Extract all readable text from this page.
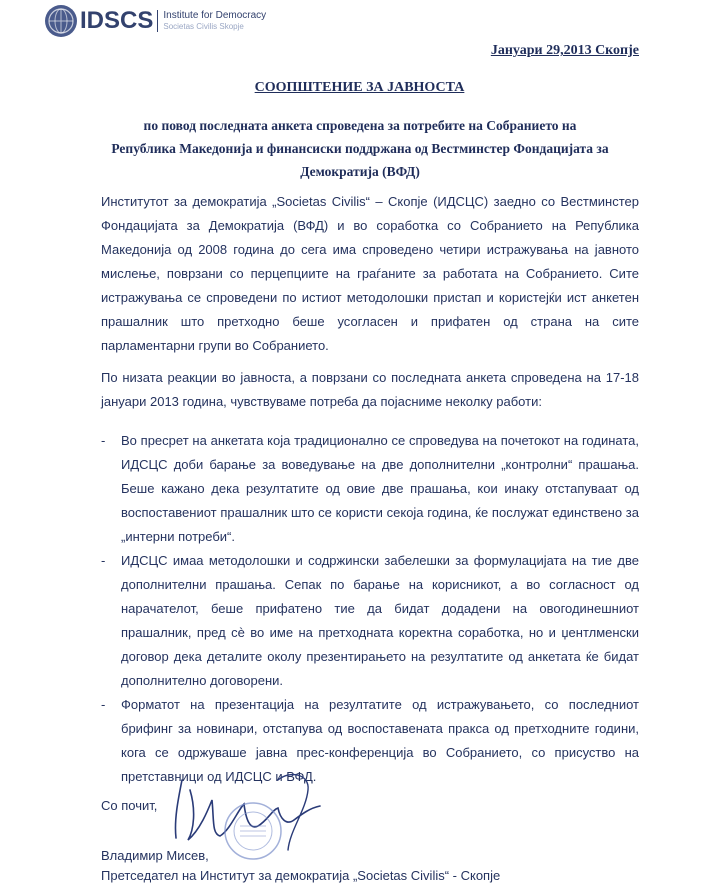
IDSCS Institute for Democracy
Societas Civilis Skopje
Јануари 29,2013 Скопје
СООПШТЕНИЕ ЗА ЈАВНОСТА
по повод последната анкета спроведена за потребите на Собранието на Република Македонија и финансиски поддржана од Вестминстер Фондацијата за Демократија (ВФД)

Институтот за демократија „Societas Civilis“ – Скопје (ИДСЦС) заедно со Вестминстер Фондацијата за Демократија (ВФД) и во соработка со Собранието на Република Македонија од 2008 година до сега има спроведено четири истражувања на јавното мислење, поврзани со перцепциите на граѓаните за работата на Собранието. Сите истражувања се спроведени по истиот методолошки пристап и користејќи ист анкетен прашалник што претходно беше усогласен и прифатен од страна на сите парламентарни групи во Собранието.

По низата реакции во јавноста, а поврзани со последната анкета спроведена на 17-18 јануари 2013 година, чувствуваме потреба да појасниме неколку работи:

- Во пресрет на анкетата која традиционално се спроведува на почетокот на годината, ИДСЦС доби барање за воведување на две дополнителни „контролни“ прашања. Беше кажано дека резултатите од овие две прашања, кои инаку отстапуваат од воспоставениот прашалник што се користи секоја година, ќе послужат единствено за „интерни потреби“.
- ИДСЦС имаа методолошки и содржински забелешки за формулацијата на тие две дополнителни прашања. Сепак по барање на корисникот, а во согласност од нарачателот, беше прифатено тие да бидат додадени на овогодинешниот прашалник, пред сè во име на претходната коректна соработка, но и џентлменски договор дека деталите околу презентирањето на резултатите од анкетата ќе бидат дополнително договорени.
- Форматот на презентација на резултатите од истражувањето, со последниот брифинг за новинари, отстапува од воспоставената пракса од претходните години, кога се одржуваше јавна прес-конференција во Собранието, со присуство на претставници од ИДСЦС и ВФД.
Со почит,
Владимир Мисев,
Претседател на Институт за демократија „Societas Civilis“ - Скопје
